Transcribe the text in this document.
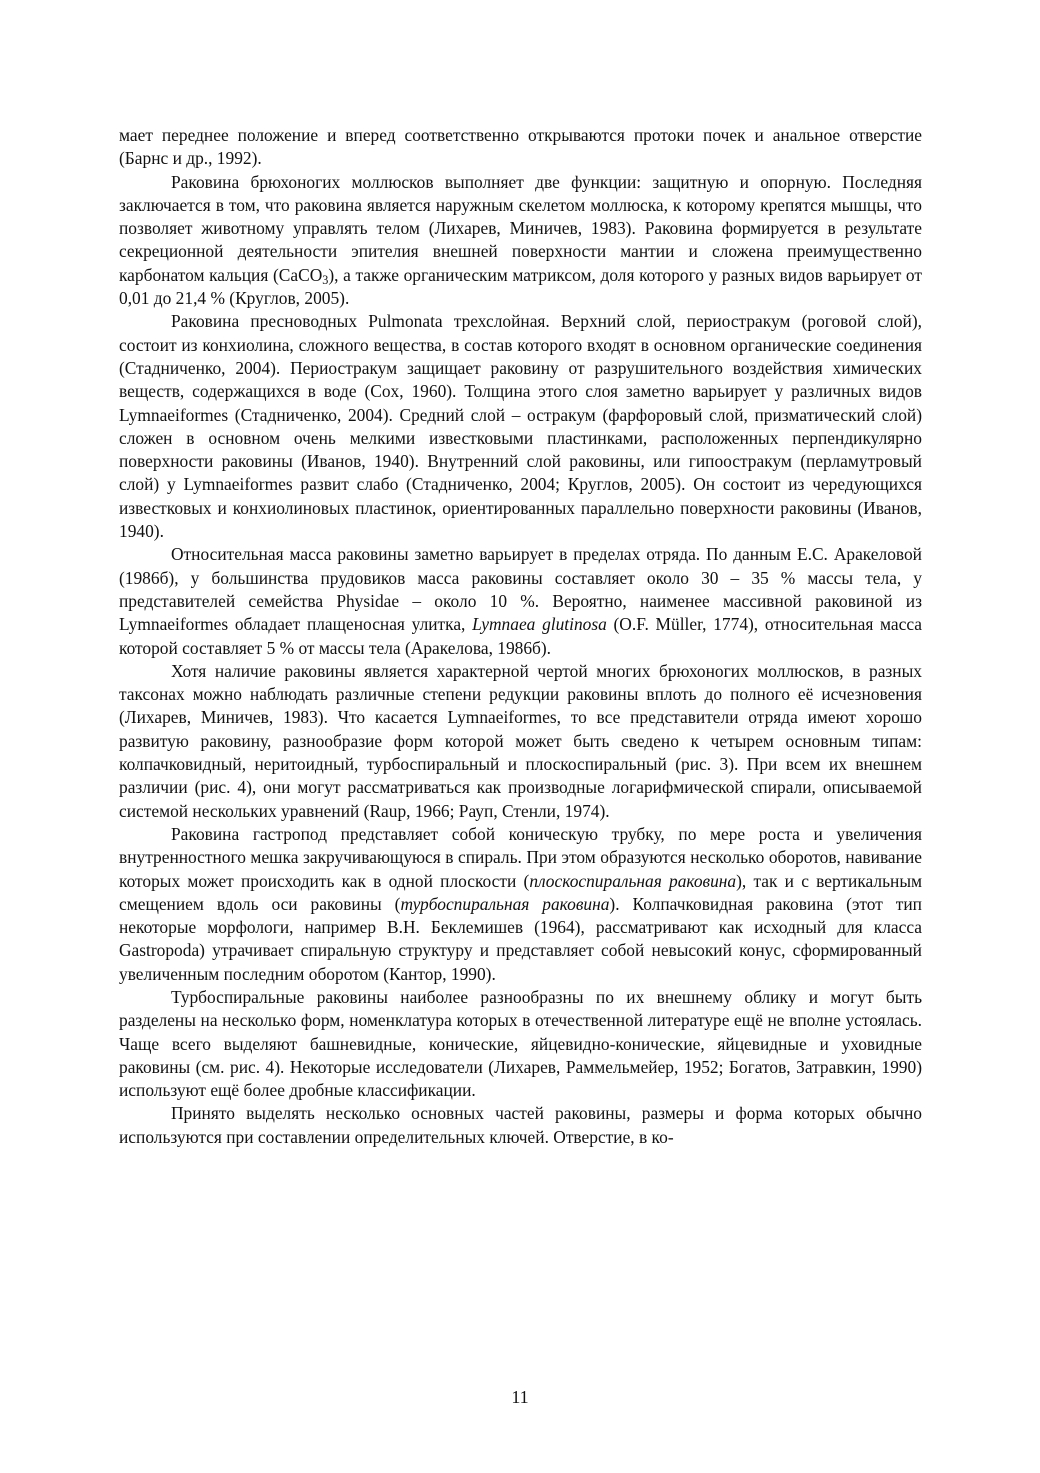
мает переднее положение и вперед соответственно открываются протоки почек и анальное отверстие (Барнс и др., 1992).

Раковина брюхоногих моллюсков выполняет две функции: защитную и опорную. Последняя заключается в том, что раковина является наружным скелетом моллюска, к которому крепятся мышцы, что позволяет животному управлять телом (Лихарев, Миничев, 1983). Раковина формируется в результате секреционной деятельности эпителия внешней поверхности мантии и сложена преимущественно карбонатом кальция (CaCO$_3$), а также органическим матриксом, доля которого у разных видов варьирует от 0,01 до 21,4 % (Круглов, 2005).

Раковина пресноводных Pulmonata трехслойная. Верхний слой, периостракум (роговой слой), состоит из конхиолина, сложного вещества, в состав которого входят в основном органические соединения (Стадниченко, 2004). Периостракум защищает раковину от разрушительного воздействия химических веществ, содержащихся в воде (Cox, 1960). Толщина этого слоя заметно варьирует у различных видов Lymnaeiformes (Стадниченко, 2004). Средний слой – остракум (фарфоровый слой, призматический слой) сложен в основном очень мелкими известковыми пластинками, расположенных перпендикулярно поверхности раковины (Иванов, 1940). Внутренний слой раковины, или гипоостракум (перламутровый слой) у Lymnaeiformes развит слабо (Стадниченко, 2004; Круглов, 2005). Он состоит из чередующихся известковых и конхиолиновых пластинок, ориентированных параллельно поверхности раковины (Иванов, 1940).

Относительная масса раковины заметно варьирует в пределах отряда. По данным Е.С. Аракеловой (1986б), у большинства прудовиков масса раковины составляет около 30 – 35 % массы тела, у представителей семейства Physidae – около 10 %. Вероятно, наименее массивной раковиной из Lymnaeiformes обладает плащеносная улитка, Lymnaea glutinosa (O.F. Müller, 1774), относительная масса которой составляет 5 % от массы тела (Аракелова, 1986б).

Хотя наличие раковины является характерной чертой многих брюхоногих моллюсков, в разных таксонах можно наблюдать различные степени редукции раковины вплоть до полного её исчезновения (Лихарев, Миничев, 1983). Что касается Lymnaeiformes, то все представители отряда имеют хорошо развитую раковину, разнообразие форм которой может быть сведено к четырем основным типам: колпачковидный, неритоидный, турбоспиральный и плоскоспиральный (рис. 3). При всем их внешнем различии (рис. 4), они могут рассматриваться как производные логарифмической спирали, описываемой системой нескольких уравнений (Raup, 1966; Рауп, Стенли, 1974).

Раковина гастропод представляет собой коническую трубку, по мере роста и увеличения внутренностного мешка закручивающуюся в спираль. При этом образуются несколько оборотов, навивание которых может происходить как в одной плоскости (плоскоспиральная раковина), так и с вертикальным смещением вдоль оси раковины (турбоспиральная раковина). Колпачковидная раковина (этот тип некоторые морфологи, например В.Н. Беклемишев (1964), рассматривают как исходный для класса Gastropoda) утрачивает спиральную структуру и представляет собой невысокий конус, сформированный увеличенным последним оборотом (Кантор, 1990).

Турбоспиральные раковины наиболее разнообразны по их внешнему облику и могут быть разделены на несколько форм, номенклатура которых в отечественной литературе ещё не вполне устоялась. Чаще всего выделяют башневидные, конические, яйцевидно-конические, яйцевидные и уховидные раковины (см. рис. 4). Некоторые исследователи (Лихарев, Раммельмейер, 1952; Богатов, Затравкин, 1990) используют ещё более дробные классификации.

Принято выделять несколько основных частей раковины, размеры и форма которых обычно используются при составлении определительных ключей. Отверстие, в ко-

11
